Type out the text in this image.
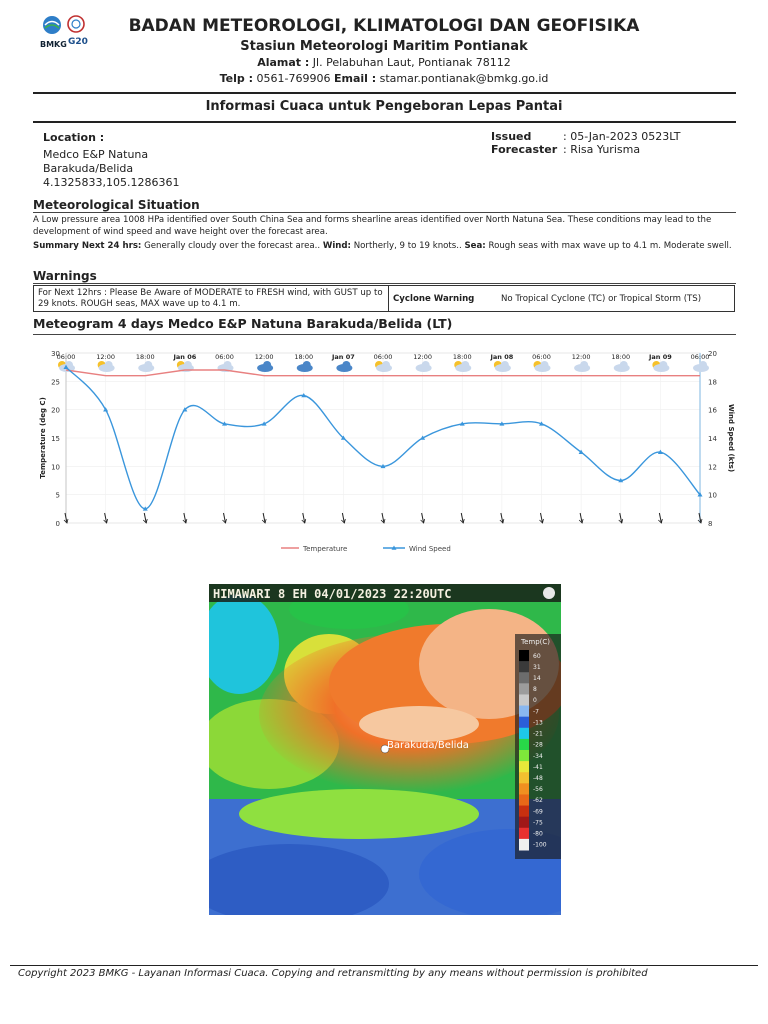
BMKG G20
BADAN METEOROLOGI, KLIMATOLOGI DAN GEOFISIKA
Stasiun Meteorologi Maritim Pontianak
Alamat : Jl. Pelabuhan Laut, Pontianak 78112
Telp : 0561-769906 Email : stamar.pontianak@bmkg.go.id
Informasi Cuaca untuk Pengeboran Lepas Pantai
Location :
Medco E&P Natuna
Barakuda/Belida
4.1325833,105.1286361
Issued	: 05-Jan-2023 0523LT
Forecaster : Risa Yurisma
Meteorological Situation
A Low pressure area 1008 HPa identified over South China Sea and forms shearline areas identified over North Natuna Sea. These conditions may lead to the development of wind speed and wave height over the forecast area.
Summary Next 24 hrs: Generally cloudy over the forecast area.. Wind: Northerly, 9 to 19 knots.. Sea: Rough seas with max wave up to 4.1 m. Moderate swell.
Warnings
For Next 12hrs : Please Be Aware of MODERATE to FRESH wind, with GUST up to 29 knots. ROUGH seas, MAX wave up to 4.1 m.
Cyclone Warning	No Tropical Cyclone (TC) or Tropical Storm (TS)
Meteogram 4 days Medco E&P Natuna Barakuda/Belida (LT)
0
5
10
15
20
25
30
8
10
12
14
16
18
20
Temperature (deg C)	Wind Speed (kts)
06:00	12:00	18:00	Jan 06	06:00	12:00	18:00	Jan 07	06:00	12:00	18:00	Jan 08	06:00	12:00	18:00	Jan 09	06:00
Temperature	Wind Speed
HIMAWARI 8 EH 04/01/2023 22:20UTC
Barakuda/Belida
Temp(C)
60
31
14
8
0
-7
-13
-21
-28
-34
-41
-48
-56
-62
-69
-75
-80
-100
Copyright 2023 BMKG - Layanan Informasi Cuaca. Copying and retransmitting by any means without permission is prohibited
